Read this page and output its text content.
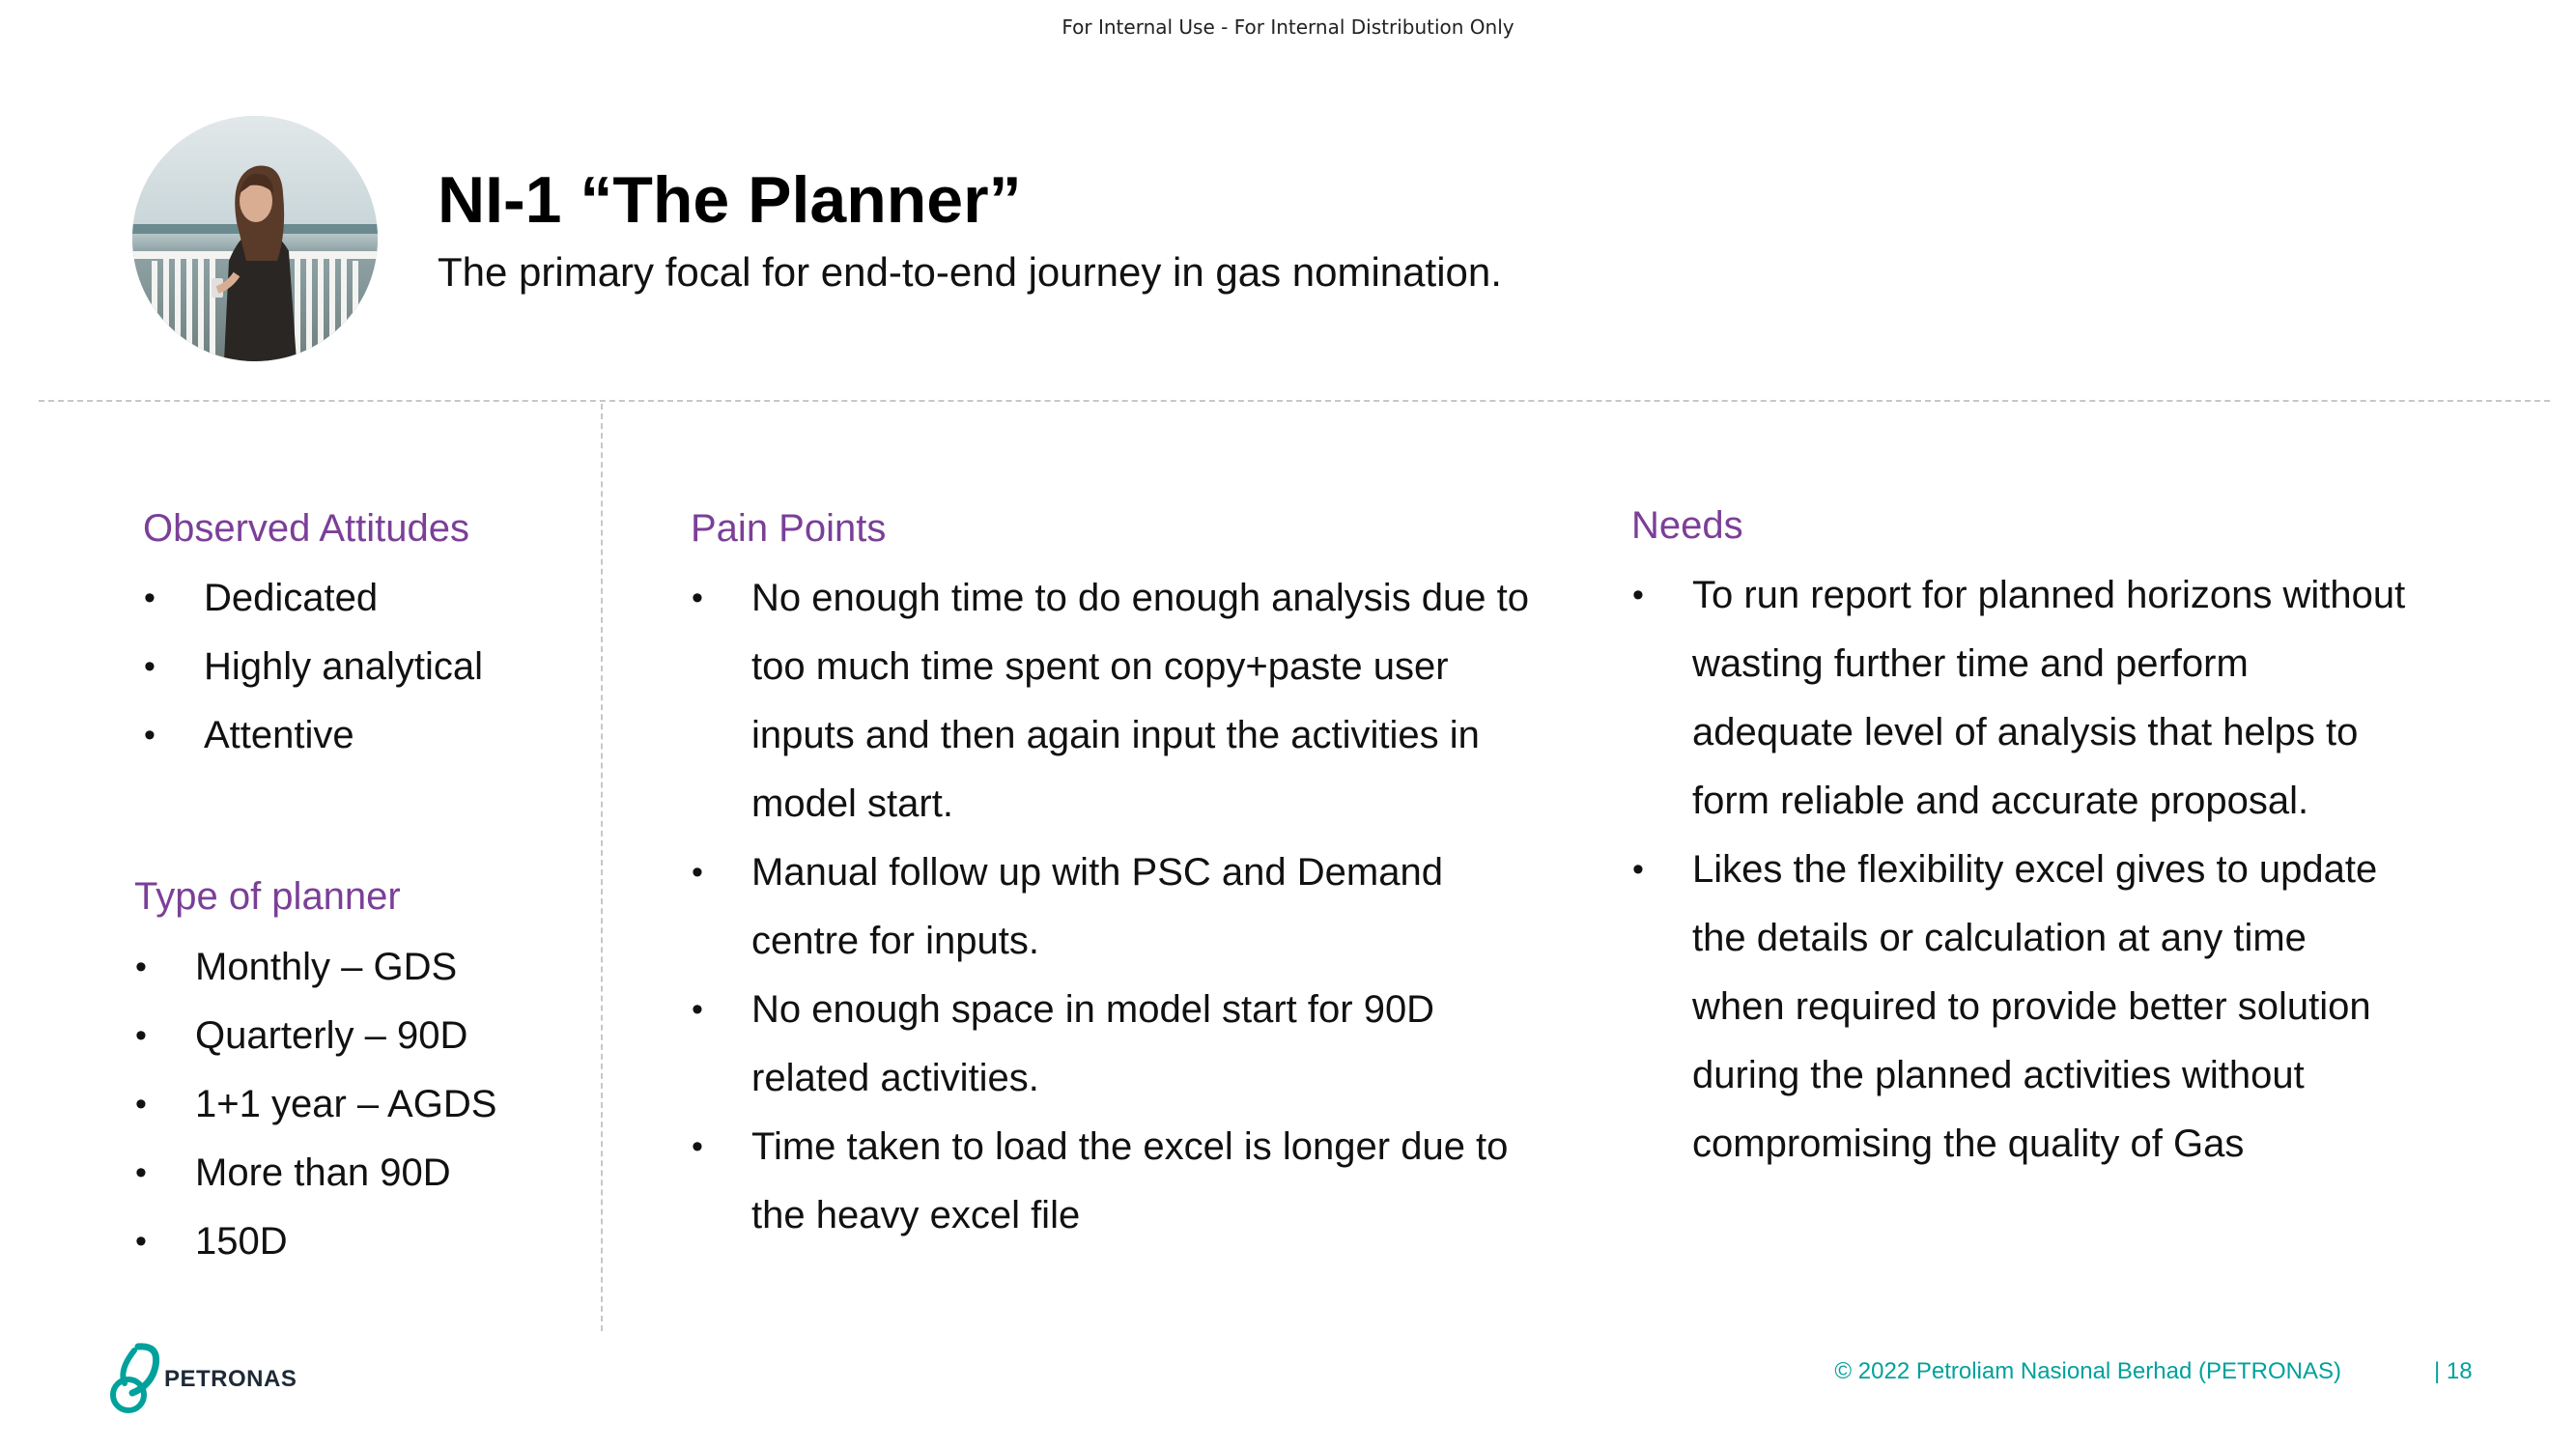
For Internal Use - For Internal Distribution Only
NI-1 “The Planner”
The primary focal for end-to-end journey in gas nomination.
Observed Attitudes
• Dedicated
• Highly analytical
• Attentive
Type of planner
• Monthly – GDS
• Quarterly – 90D
• 1+1 year – AGDS
• More than 90D
• 150D
Pain Points
• No enough time to do enough analysis due to
too much time spent on copy+paste user
inputs and then again input the activities in
model start.
• Manual follow up with PSC and Demand
centre for inputs.
• No enough space in model start for 90D
related activities.
• Time taken to load the excel is longer due to
the heavy excel file
Needs
• To run report for planned horizons without
wasting further time and perform
adequate level of analysis that helps to
form reliable and accurate proposal.
• Likes the flexibility excel gives to update
the details or calculation at any time
when required to provide better solution
during the planned activities without
compromising the quality of Gas
PETRONAS	© 2022 Petroliam Nasional Berhad (PETRONAS)	| 18
